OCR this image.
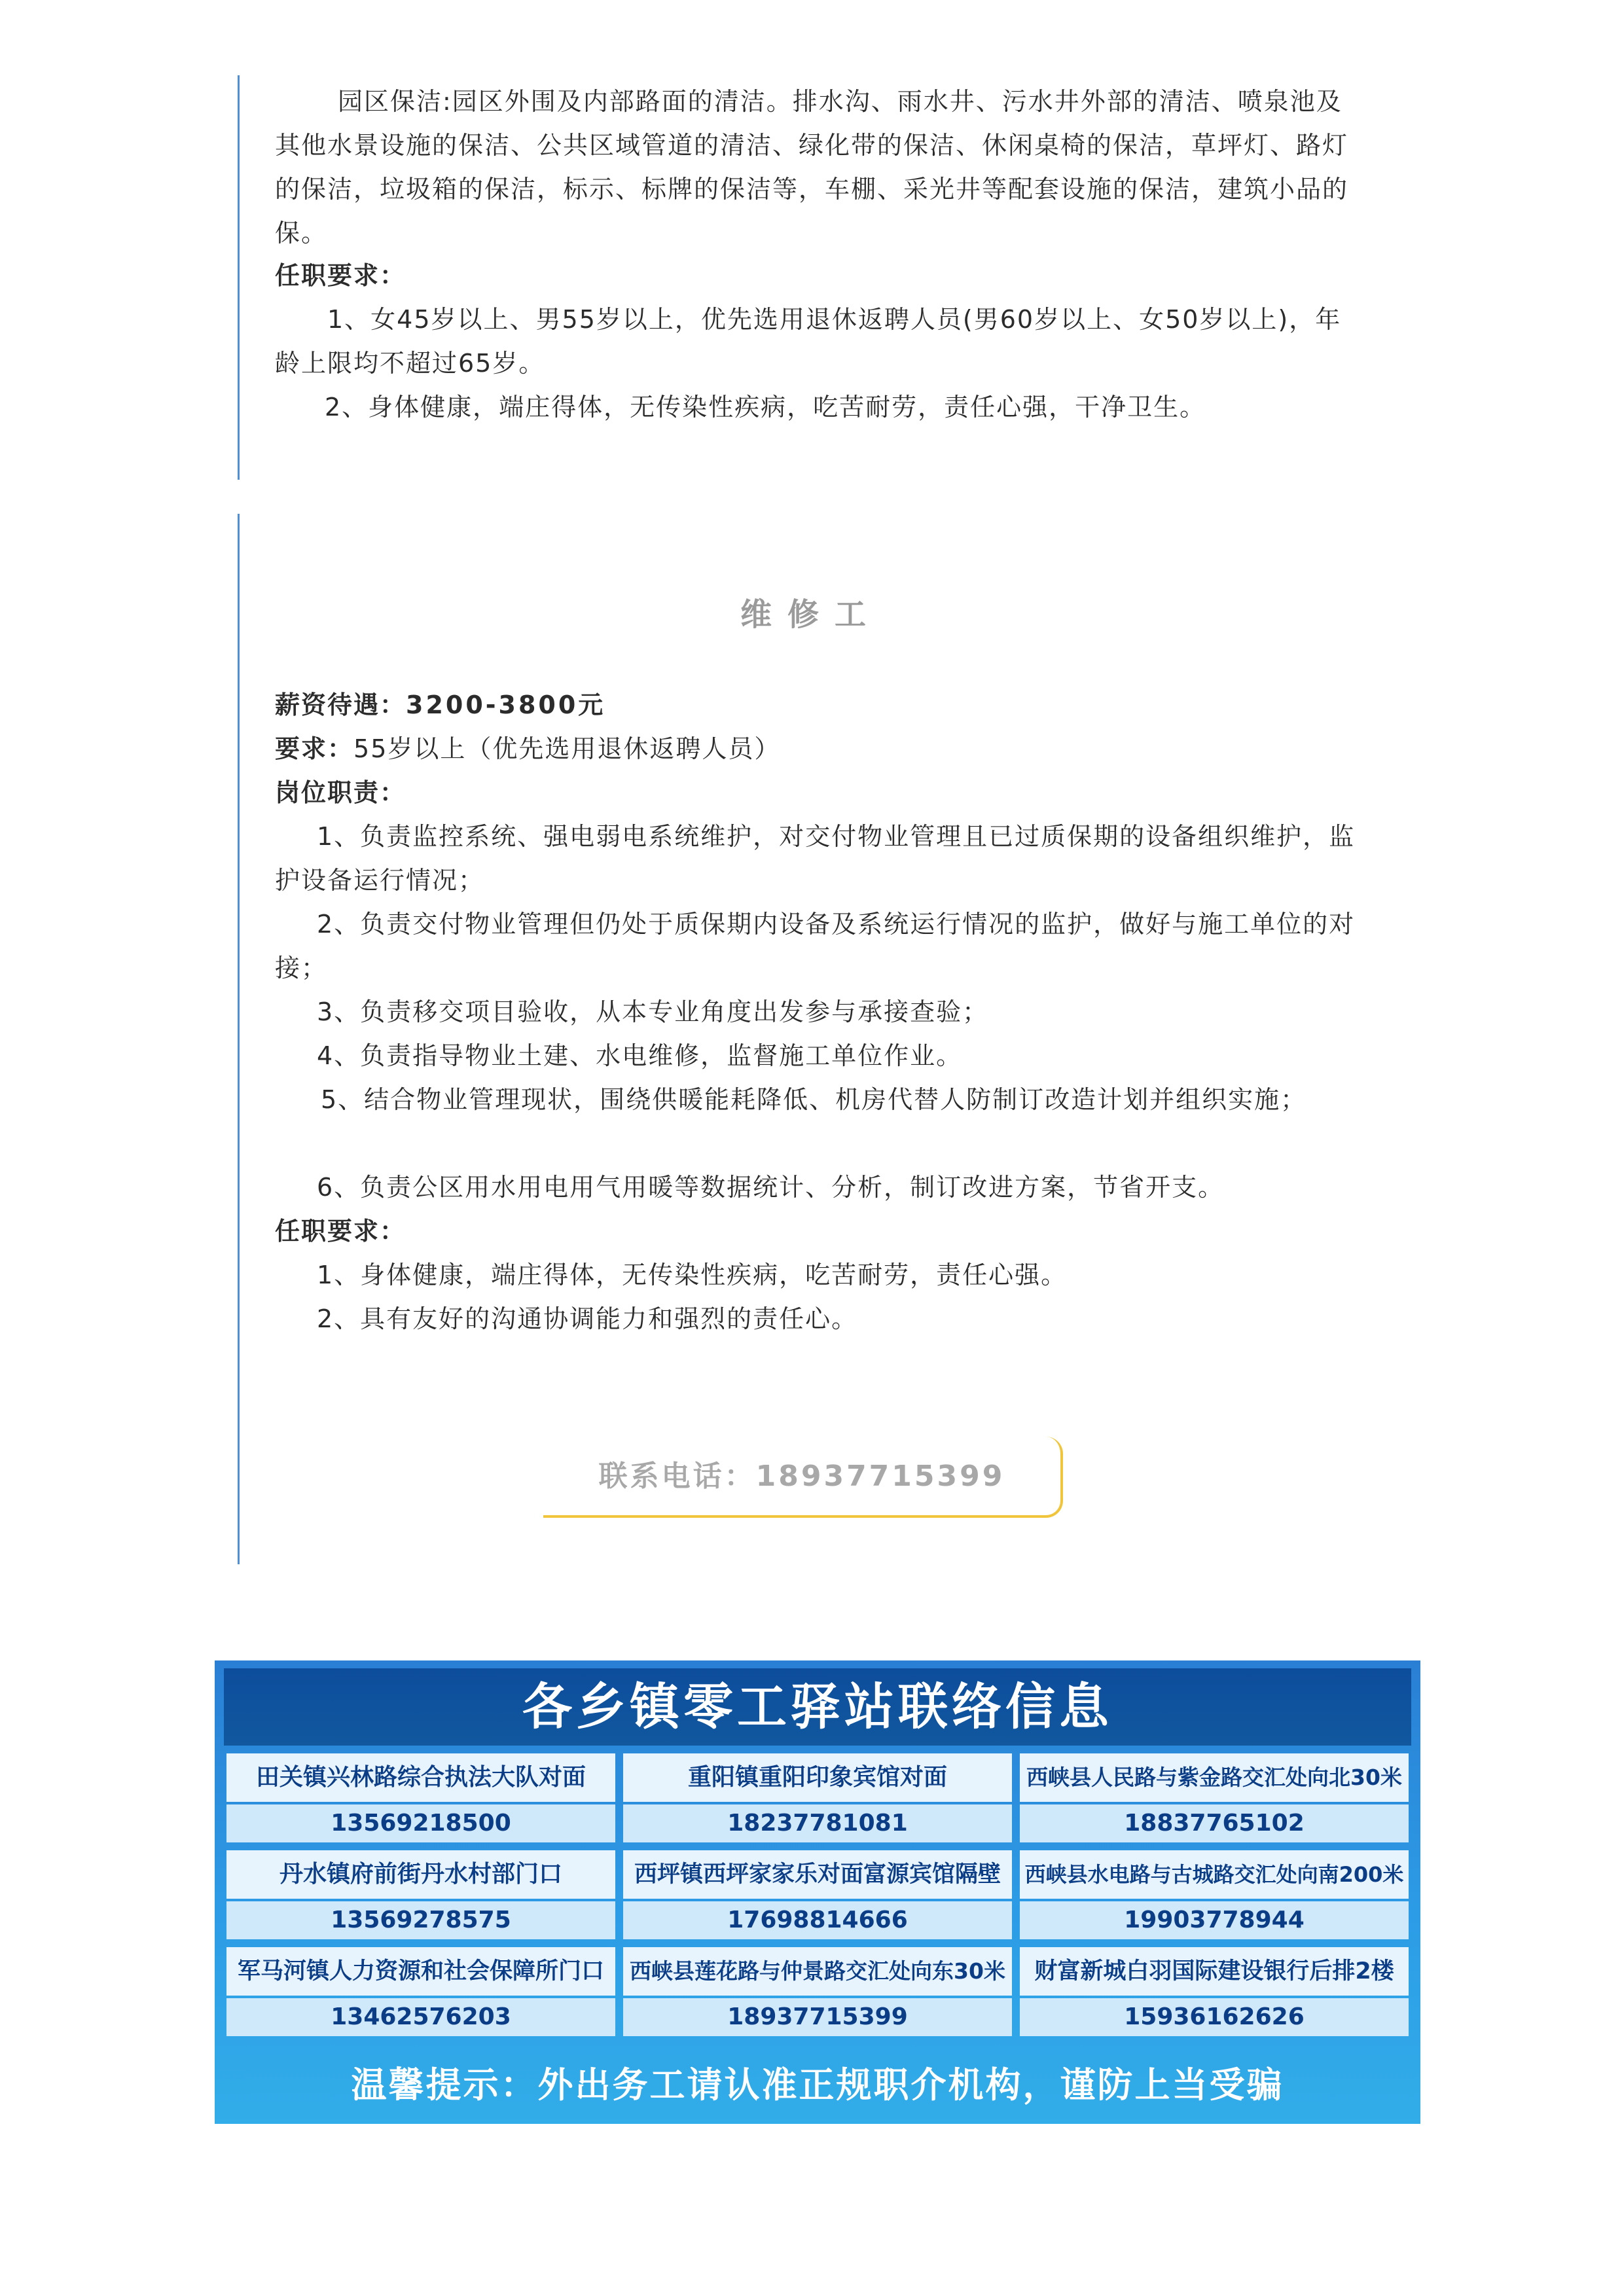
园区保洁:园区外围及内部路面的清洁。排水沟、雨水井、污水井外部的清洁、喷泉池及其他水景设施的保洁、公共区域管道的清洁、绿化带的保洁、休闲桌椅的保洁，草坪灯、路灯的保洁，垃圾箱的保洁，标示、标牌的保洁等，车棚、采光井等配套设施的保洁，建筑小品的保。

任职要求：

1、女45岁以上、男55岁以上，优先选用退休返聘人员(男60岁以上、女50岁以上)，年龄上限均不超过65岁。

2、身体健康，端庄得体，无传染性疾病，吃苦耐劳，责任心强，干净卫生。

维修工

薪资待遇：3200-3800元

要求：55岁以上（优先选用退休返聘人员）

岗位职责：

1、负责监控系统、强电弱电系统维护，对交付物业管理且已过质保期的设备组织维护，监护设备运行情况；

2、负责交付物业管理但仍处于质保期内设备及系统运行情况的监护，做好与施工单位的对接；

3、负责移交项目验收，从本专业角度出发参与承接查验；

4、负责指导物业土建、水电维修，监督施工单位作业。

5、结合物业管理现状，围绕供暖能耗降低、机房代替人防制订改造计划并组织实施；

6、负责公区用水用电用气用暖等数据统计、分析，制订改进方案，节省开支。

任职要求：

1、身体健康，端庄得体，无传染性疾病，吃苦耐劳，责任心强。

2、具有友好的沟通协调能力和强烈的责任心。

联系电话：18937715399
各乡镇零工驿站联络信息
田关镇兴林路综合执法大队对面
13569218500
重阳镇重阳印象宾馆对面
18237781081
西峡县人民路与紫金路交汇处向北30米
18837765102
丹水镇府前街丹水村部门口
13569278575
西坪镇西坪家家乐对面富源宾馆隔壁
17698814666
西峡县水电路与古城路交汇处向南200米
19903778944
军马河镇人力资源和社会保障所门口
13462576203
西峡县莲花路与仲景路交汇处向东30米
18937715399
财富新城白羽国际建设银行后排2楼
15936162626
温馨提示：外出务工请认准正规职介机构，谨防上当受骗
